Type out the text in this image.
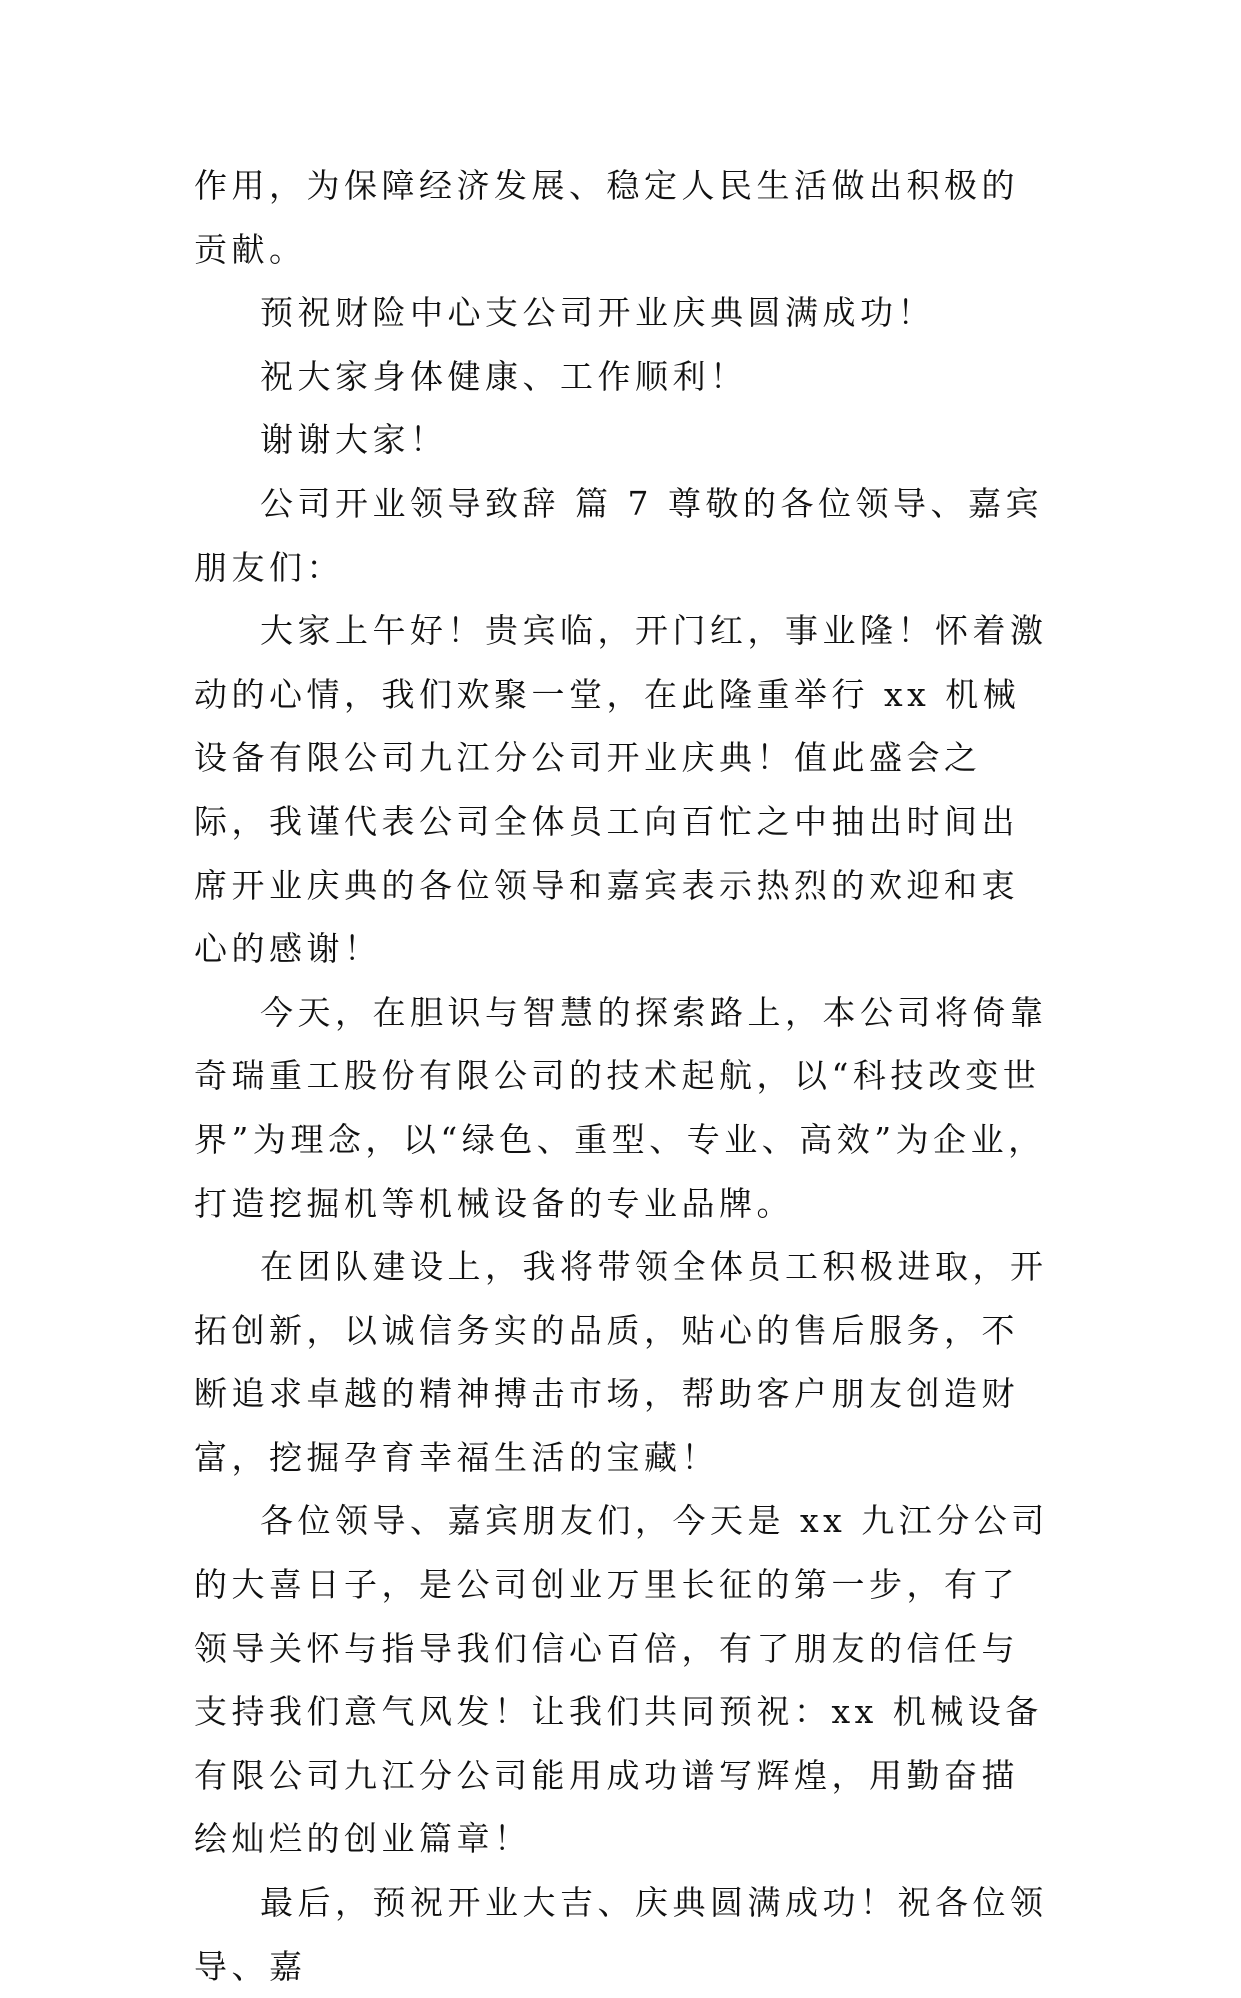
作用，为保障经济发展、稳定人民生活做出积极的贡献。

预祝财险中心支公司开业庆典圆满成功！

祝大家身体健康、工作顺利！

谢谢大家！

公司开业领导致辞 篇 7 尊敬的各位领导、嘉宾朋友们：

大家上午好！贵宾临，开门红，事业隆！怀着激动的心情，我们欢聚一堂，在此隆重举行 xx 机械设备有限公司九江分公司开业庆典！值此盛会之际，我谨代表公司全体员工向百忙之中抽出时间出席开业庆典的各位领导和嘉宾表示热烈的欢迎和衷心的感谢！

今天，在胆识与智慧的探索路上，本公司将倚靠奇瑞重工股份有限公司的技术起航，以“科技改变世界”为理念，以“绿色、重型、专业、高效”为企业，打造挖掘机等机械设备的专业品牌。

在团队建设上，我将带领全体员工积极进取，开拓创新，以诚信务实的品质，贴心的售后服务，不断追求卓越的精神搏击市场，帮助客户朋友创造财富，挖掘孕育幸福生活的宝藏！

各位领导、嘉宾朋友们，今天是 xx 九江分公司的大喜日子，是公司创业万里长征的第一步，有了领导关怀与指导我们信心百倍，有了朋友的信任与支持我们意气风发！让我们共同预祝：xx 机械设备有限公司九江分公司能用成功谱写辉煌，用勤奋描绘灿烂的创业篇章！

最后，预祝开业大吉、庆典圆满成功！祝各位领导、嘉
